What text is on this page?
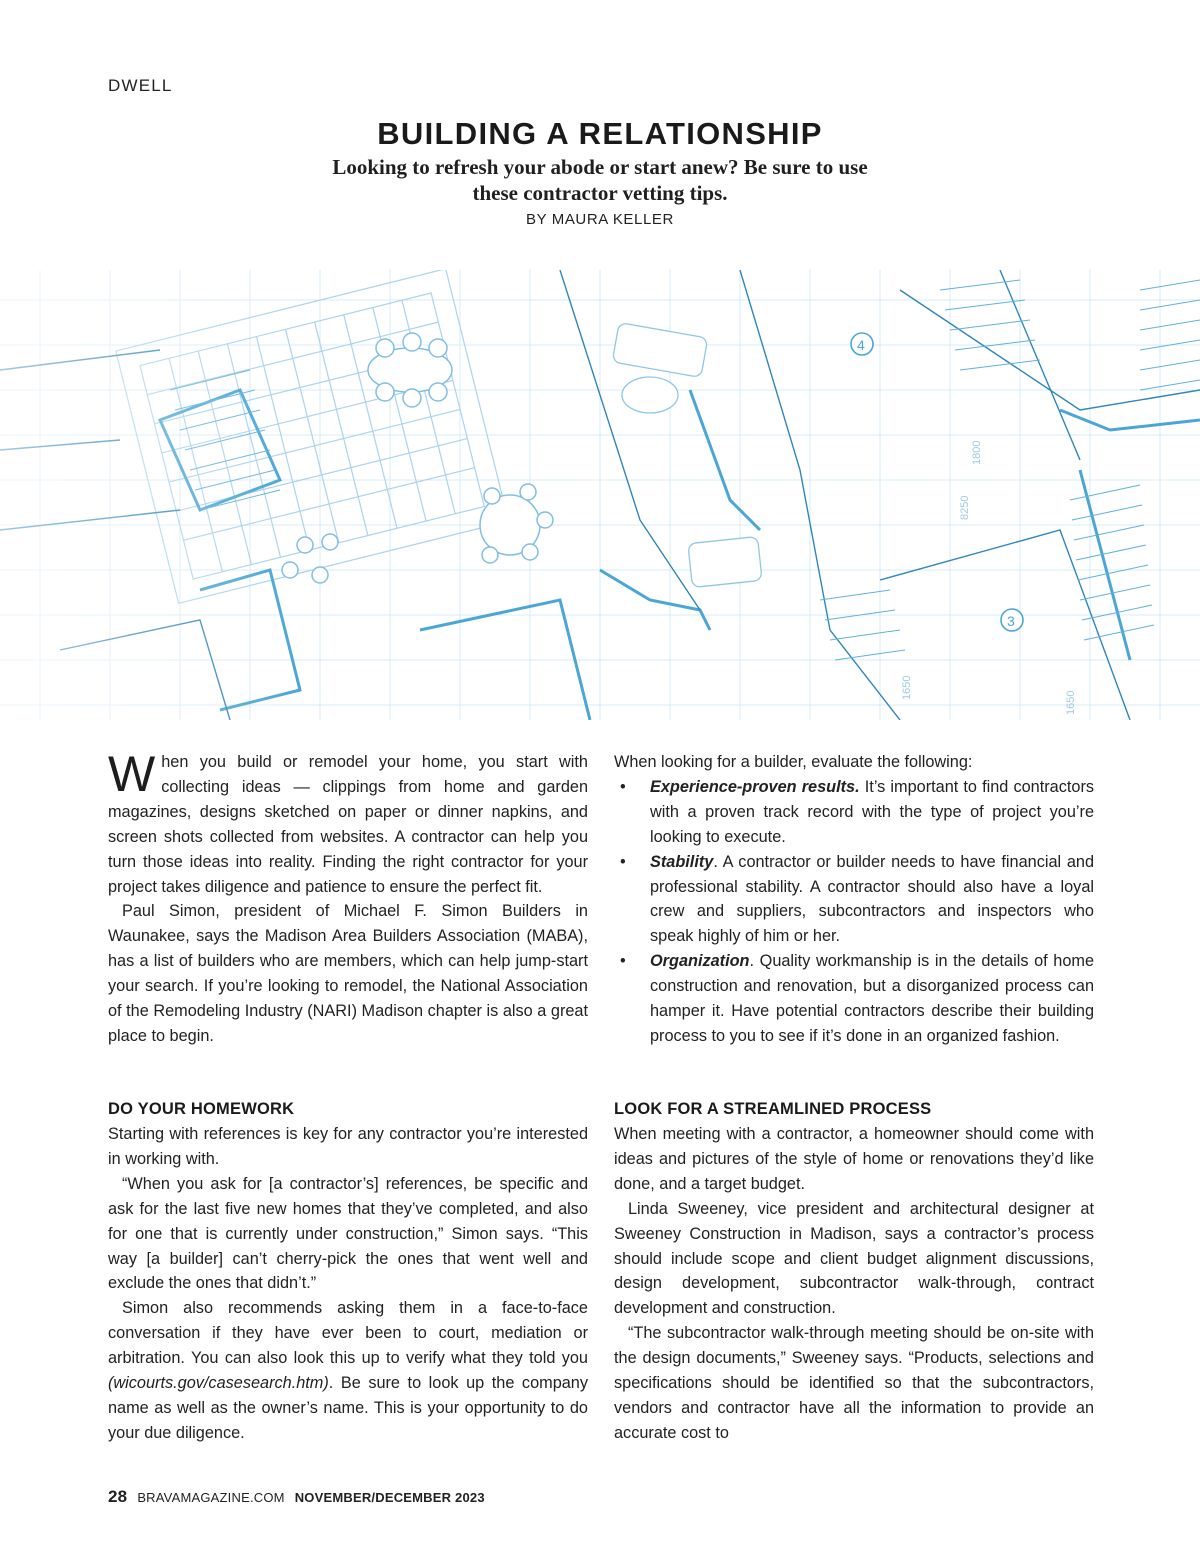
DWELL
BUILDING A RELATIONSHIP
Looking to refresh your abode or start anew? Be sure to use these contractor vetting tips.
BY MAURA KELLER

When you build or remodel your home, you start with collecting ideas — clippings from home and garden magazines, designs sketched on paper or dinner napkins, and screen shots collected from websites. A contractor can help you turn those ideas into reality. Finding the right contractor for your project takes diligence and patience to ensure the perfect fit.

Paul Simon, president of Michael F. Simon Builders in Waunakee, says the Madison Area Builders Association (MABA), has a list of builders who are members, which can help jump-start your search. If you’re looking to remodel, the National Association of the Remodeling Industry (NARI) Madison chapter is also a great place to begin.

When looking for a builder, evaluate the following:

• Experience-proven results. It’s important to find contractors with a proven track record with the type of project you’re looking to execute.
• Stability. A contractor or builder needs to have financial and professional stability. A contractor should also have a loyal crew and suppliers, subcontractors and inspectors who speak highly of him or her.
• Organization. Quality workmanship is in the details of home construction and renovation, but a disorganized process can hamper it. Have potential contractors describe their building process to you to see if it’s done in an organized fashion.
DO YOUR HOMEWORK

Starting with references is key for any contractor you’re interested in working with.

“When you ask for [a contractor’s] references, be specific and ask for the last five new homes that they’ve completed, and also for one that is currently under construction,” Simon says. “This way [a builder] can’t cherry-pick the ones that went well and exclude the ones that didn’t.”

Simon also recommends asking them in a face-to-face conversation if they have ever been to court, mediation or arbitration. You can also look this up to verify what they told you (wicourts.gov/casesearch.htm). Be sure to look up the company name as well as the owner’s name. This is your opportunity to do your due diligence.

LOOK FOR A STREAMLINED PROCESS

When meeting with a contractor, a homeowner should come with ideas and pictures of the style of home or renovations they’d like done, and a target budget.

Linda Sweeney, vice president and architectural designer at Sweeney Construction in Madison, says a contractor’s process should include scope and client budget alignment discussions, design development, subcontractor walk-through, contract development and construction.

“The subcontractor walk-through meeting should be on-site with the design documents,” Sweeney says. “Products, selections and specifications should be identified so that the subcontractors, vendors and contractor have all the information to provide an accurate cost to

28 BRAVAMAGAZINE.COM NOVEMBER/DECEMBER 2023
